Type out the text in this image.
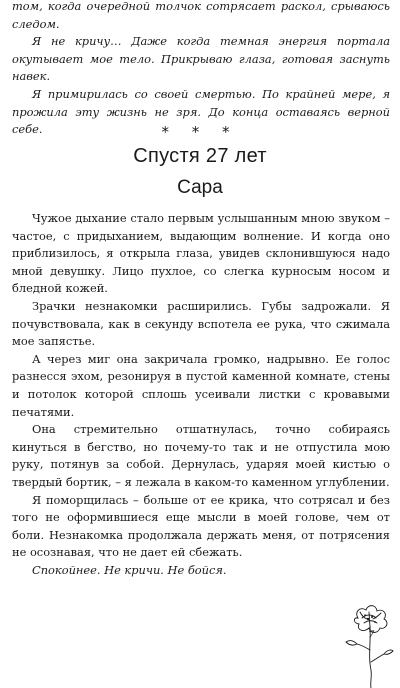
том, когда очередной толчок сотрясает раскол, срываюсь следом.

Я не кричу… Даже когда темная энергия портала окутывает мое тело. Прикрываю глаза, готовая заснуть навек.

Я примирилась со своей смертью. По крайней мере, я прожила эту жизнь не зря. До конца оставаясь верной себе.	* * *
Спустя 27 лет
Сара

Чужое дыхание стало первым услышанным мною звуком – частое, с придыханием, выдающим волнение. И когда оно приблизилось, я открыла глаза, увидев склонившуюся надо мной девушку. Лицо пухлое, со слегка курносым носом и бледной кожей.

Зрачки незнакомки расширились. Губы задрожали. Я почувствовала, как в секунду вспотела ее рука, что сжимала мое запястье.

А через миг она закричала громко, надрывно. Ее голос разнесся эхом, резонируя в пустой каменной комнате, стены и потолок которой сплошь усеивали листки с кровавыми печатями.

Она стремительно отшатнулась, точно собираясь кинуться в бегство, но почему-то так и не отпустила мою руку, потянув за собой. Дернулась, ударяя моей кистью о твердый бортик, – я лежала в каком-то каменном углублении.

Я поморщилась – больше от ее крика, что сотрясал и без того не оформившиеся еще мысли в моей голове, чем от боли. Незнакомка продолжала держать меня, от потрясения не осознавая, что не дает ей сбежать.

Спокойнее. Не кричи. Не бойся.

7
